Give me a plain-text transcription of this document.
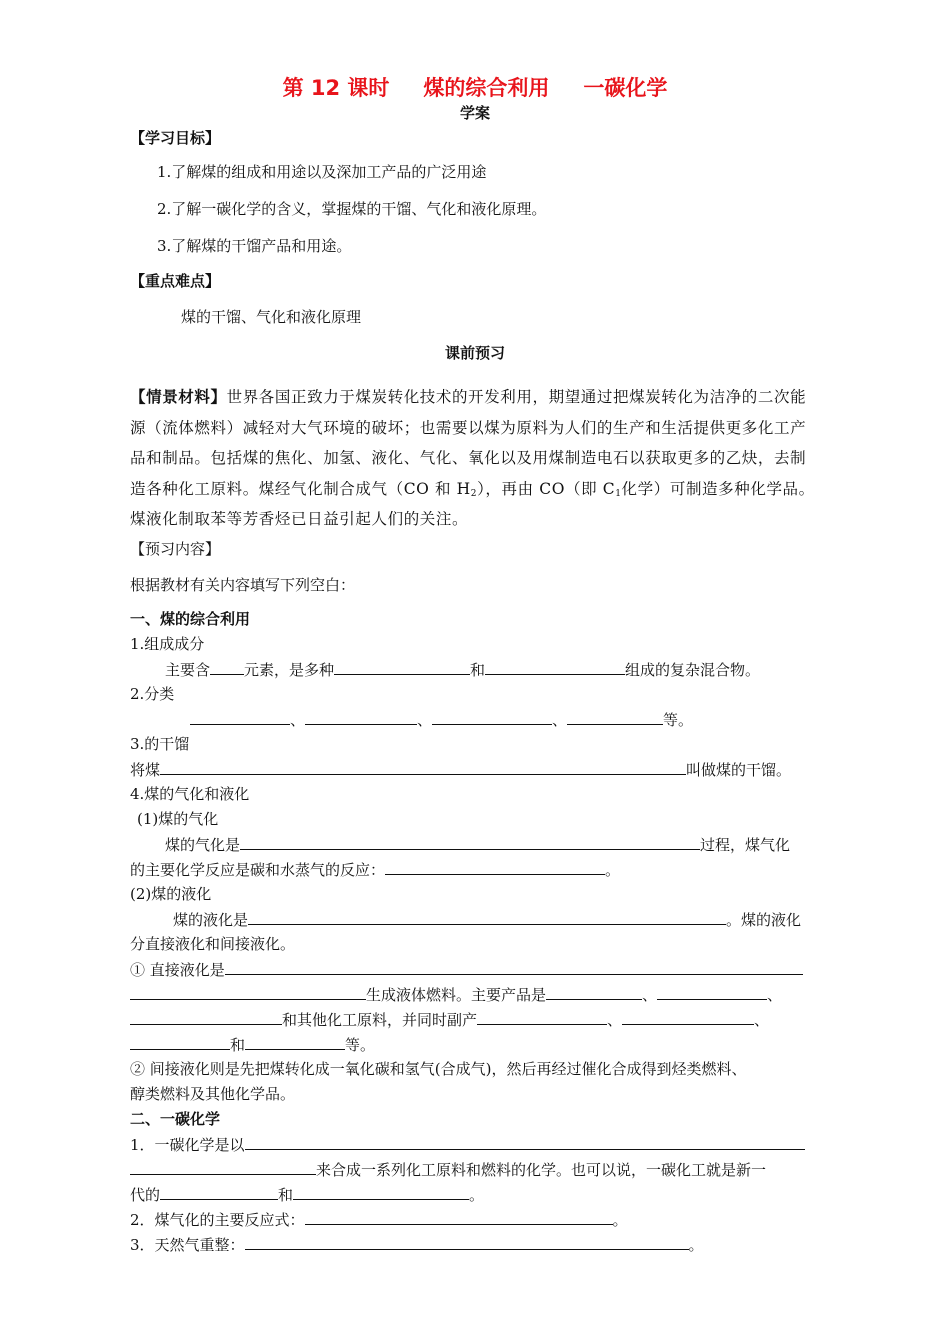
第 12 课时 煤的综合利用 一碳化学
学案
【学习目标】
1.了解煤的组成和用途以及深加工产品的广泛用途
2.了解一碳化学的含义，掌握煤的干馏、气化和液化原理。
3.了解煤的干馏产品和用途。
【重点难点】
煤的干馏、气化和液化原理
课前预习
【情景材料】世界各国正致力于煤炭转化技术的开发利用，期望通过把煤炭转化为洁净的二次能源（流体燃料）减轻对大气环境的破坏；也需要以煤为原料为人们的生产和生活提供更多化工产品和制品。包括煤的焦化、加氢、液化、气化、氧化以及用煤制造电石以获取更多的乙炔，去制造各种化工原料。煤经气化制合成气（CO 和 $H_2$），再由 CO（即 $C_1$化学）可制造多种化学品。煤液化制取苯等芳香烃已日益引起人们的关注。
【预习内容】
根据教材有关内容填写下列空白：
一、煤的综合利用
1.组成成分
主要含 元素，是多种	和	组成的复杂混合物。
2.分类
、	、	、	等。
3.的干馏
将煤	叫做煤的干馏。
4.煤的气化和液化
(1)煤的气化
煤的气化是	过程，煤气化
的主要化学反应是碳和水蒸气的反应：	。
(2)煤的液化
煤的液化是	。煤的液化
分直接液化和间接液化。
① 直接液化是
生成液体燃料。主要产品是	、	、
和其他化工原料，并同时副产	、	、
和	等。
② 间接液化则是先把煤转化成一氧化碳和氢气(合成气)，然后再经过催化合成得到烃类燃料、
醇类燃料及其他化学品。
二、一碳化学
1．一碳化学是以
来合成一系列化工原料和燃料的化学。也可以说，一碳化工就是新一
代的	和	。
2．煤气化的主要反应式：	。
3．天然气重整：	。
